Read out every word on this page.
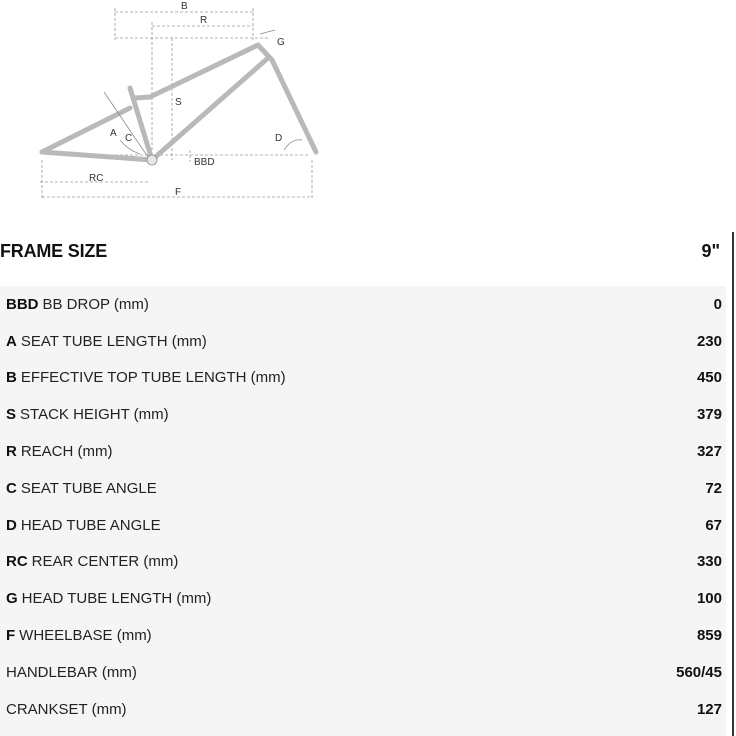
B
R
G
S
A C	D
BBD
RC
F
FRAME SIZE	9"
BBD BB DROP (mm)	0
A SEAT TUBE LENGTH (mm)	230
B EFFECTIVE TOP TUBE LENGTH (mm)	450
S STACK HEIGHT (mm)	379
R REACH (mm)	327
C SEAT TUBE ANGLE	72
D HEAD TUBE ANGLE	67
RC REAR CENTER (mm)	330
G HEAD TUBE LENGTH (mm)	100
F WHEELBASE (mm)	859
HANDLEBAR (mm)	560/45
CRANKSET (mm)	127
